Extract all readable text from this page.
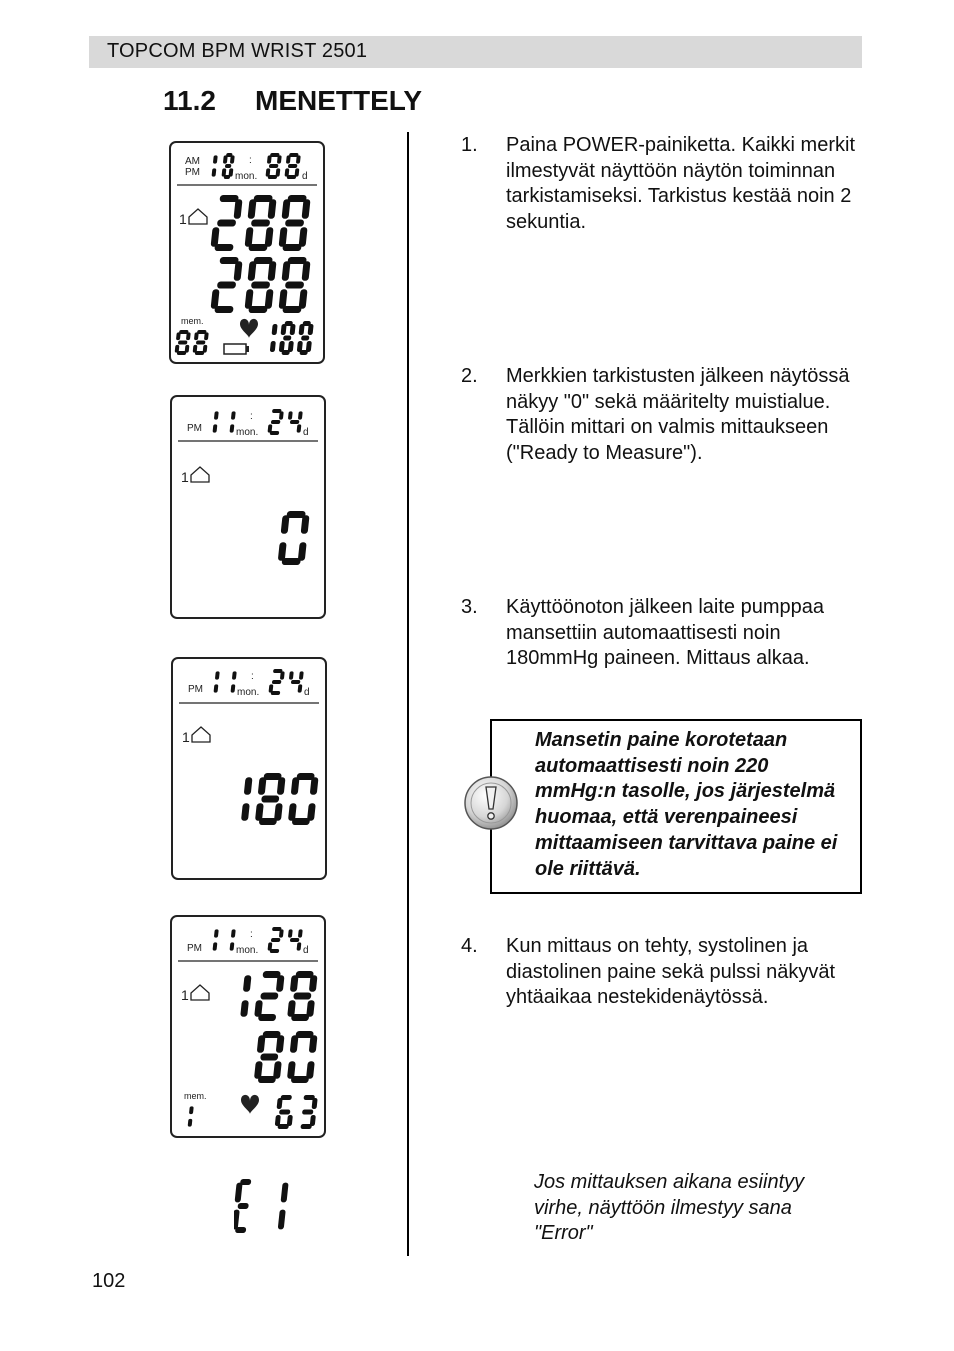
TOPCOM BPM WRIST 2501
11.2 MENETTELY
AM
PM	mon.
:
d
1
mem.
PM	mon.
:
d
1
PM	mon.
:
d
1
PM	mon.
:
d
1
mem.
1. Paina POWER-painiketta. Kaikki merkit ilmestyvät näyttöön näytön toiminnan tarkistamiseksi. Tarkistus kestää noin 2 sekuntia.
2. Merkkien tarkistusten jälkeen näytössä näkyy "0" sekä määritelty muistialue. Tällöin mittari on valmis mittaukseen ("Ready to Measure").
3. Käyttöönoton jälkeen laite pumppaa mansettiin automaattisesti noin 180mmHg paineen. Mittaus alkaa.
4. Kun mittaus on tehty, systolinen ja diastolinen paine sekä pulssi näkyvät yhtäaikaa nestekidenäytössä.
Mansetin paine korotetaan automaattisesti noin 220 mmHg:n tasolle, jos järjestelmä huomaa, että verenpaineesi mittaamiseen tarvittava paine ei ole riittävä.
Jos mittauksen aikana esiintyy virhe, näyttöön ilmestyy sana "Error"
102
